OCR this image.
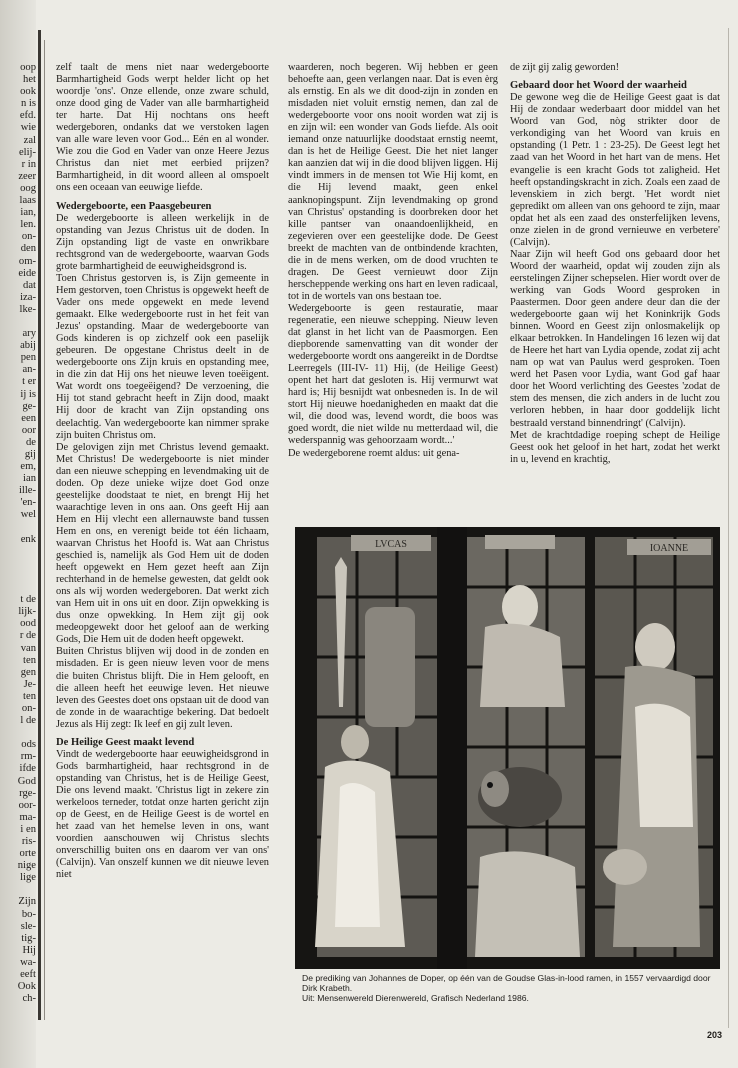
oop
het
ook
n is
efd.
wie
zal
elij-
r in
zeer
oog
laas
ian,
len.
on-
den
om-
eide
dat
iza-
lke-

ary
abij
pen
an-
t er
ij is
ge-
een
oor
de
gij
em,
ian
ille-
'en-
wel

enk

t de
lijk-
ood
r de
van
ten
gen
Je-
ten
on-
l de

ods
rm-
ifde
God
rge-
oor-
ma-
i en
ris-
orte
nige
lige

Zijn
bo-
sle-
tig-
Hij
wa-
eeft
Ook
ch-

zelf taalt de mens niet naar wedergeboorte Barmhartigheid Gods werpt helder licht op het woordje 'ons'. Onze ellende, onze zware schuld, onze dood ging de Vader van alle barmhartigheid ter harte. Dat Hij nochtans ons heeft wedergeboren, ondanks dat we verstoken lagen van alle ware leven voor God... Eén en al wonder. Wie zou die God en Vader van onze Heere Jezus Christus dan niet met eerbied prijzen? Barmhartigheid, in dit woord alleen al omspoelt ons een oceaan van eeuwige liefde.

Wedergeboorte, een Paasgebeuren

De wedergeboorte is alleen werkelijk in de opstanding van Jezus Christus uit de doden. In Zijn opstanding ligt de vaste en onwrikbare rechtsgrond van de wedergeboorte, waarvan Gods grote barmhartigheid de eeuwigheidsgrond is.

Toen Christus gestorven is, is Zijn gemeente in Hem gestorven, toen Christus is opgewekt heeft de Vader ons mede opgewekt en mede levend gemaakt. Elke wedergeboorte rust in het feit van Jezus' opstanding. Maar de wedergeboorte van Gods kinderen is op zichzelf ook een paselijk gebeuren. De opgestane Christus deelt in de wedergeboorte ons Zijn kruis en opstanding mee, in die zin dat Hij ons het nieuwe leven toeëigent. Wat wordt ons toegeëigend? De verzoening, die Hij tot stand gebracht heeft in Zijn dood, maakt Hij door de kracht van Zijn opstanding ons deelachtig. Van wedergeboorte kan nimmer sprake zijn buiten Christus om.

De gelovigen zijn met Christus levend gemaakt. Met Christus! De wedergeboorte is niet minder dan een nieuwe schepping en levendmaking uit de doden. Op deze unieke wijze doet God onze geestelijke doodstaat te niet, en brengt Hij het waarachtige leven in ons aan. Ons geeft Hij aan Hem en Hij vlecht een allernauwste band tussen Hem en ons, en verenigt beide tot één lichaam, waarvan Christus het Hoofd is. Wat aan Christus geschied is, namelijk als God Hem uit de doden heeft opgewekt en Hem gezet heeft aan Zijn rechterhand in de hemelse gewesten, dat geldt ook ons als wij worden wedergeboren. Dat werkt zich van Hem uit in ons uit en door. Zijn opwekking is dus onze opwekking. In Hem zijt gij ook medeopgewekt door het geloof aan de werking Gods, Die Hem uit de doden heeft opgewekt.

Buiten Christus blijven wij dood in de zonden en misdaden. Er is geen nieuw leven voor de mens die buiten Christus blijft. Die in Hem gelooft, en die alleen heeft het eeuwige leven. Het nieuwe leven des Geestes doet ons opstaan uit de dood van de zonde in de waarachtige bekering. Dat bedoelt Jezus als Hij zegt: Ik leef en gij zult leven.

De Heilige Geest maakt levend

Vindt de wedergeboorte haar eeuwigheidsgrond in Gods barmhartigheid, haar rechtsgrond in de opstanding van Christus, het is de Heilige Geest, Die ons levend maakt. 'Christus ligt in zekere zin werkeloos terneder, totdat onze harten gericht zijn op de Geest, en de Heilige Geest is de wortel en het zaad van het hemelse leven in ons, want voordien aanschouwen wij Christus slechts onverschillig buiten ons en daarom ver van ons' (Calvijn). Van onszelf kunnen we dit nieuwe leven niet

waarderen, noch begeren. Wij hebben er geen behoefte aan, geen verlangen naar. Dat is even èrg als ernstig. En als we dit dood-zijn in zonden en misdaden niet voluit ernstig nemen, dan zal de wedergeboorte voor ons nooit worden wat zij is en zijn wil: een wonder van Gods liefde. Als ooit iemand onze natuurlijke doodstaat ernstig neemt, dan is het de Heilige Geest. Die het niet langer kan aanzien dat wij in die dood blijven liggen. Hij vindt immers in de mensen tot Wie Hij komt, en die Hij levend maakt, geen enkel aanknopingspunt. Zijn levendmaking op grond van Christus' opstanding is doorbreken door het kille pantser van onaandoenlijkheid, en zegevieren over een geestelijke dode. De Geest breekt de machten van de ontbindende krachten, die in de mens werken, om de dood vruchten te dragen. De Geest vernieuwt door Zijn herscheppende werking ons hart en leven radicaal, tot in de wortels van ons bestaan toe.

Wedergeboorte is geen restauratie, maar regeneratie, een nieuwe schepping. Nieuw leven dat glanst in het licht van de Paasmorgen. Een diepborende samenvatting van dit wonder der wedergeboorte wordt ons aangereikt in de Dordtse Leerregels (III-IV- 11) Hij, (de Heilige Geest) opent het hart dat gesloten is. Hij vermurwt wat hard is; Hij besnijdt wat onbesneden is. In de wil stort Hij nieuwe hoedanigheden en maakt dat die wil, die dood was, levend wordt, die boos was goed wordt, die niet wilde nu metterdaad wil, die wederspannig was gehoorzaam wordt...'

De wedergeborene roemt aldus: uit gena-

de zijt gij zalig geworden!

Gebaard door het Woord der waarheid

De gewone weg die de Heilige Geest gaat is dat Hij de zondaar wederbaart door middel van het Woord van God, nòg strikter door de verkondiging van het Woord van kruis en opstanding (1 Petr. 1 : 23-25). De Geest legt het zaad van het Woord in het hart van de mens. Het evangelie is een kracht Gods tot zaligheid. Het heeft opstandingskracht in zich. Zoals een zaad de levenskiem in zich bergt. 'Het wordt niet gepredikt om alleen van ons gehoord te zijn, maar opdat het als een zaad des onsterfelijken levens, onze zielen in de grond vernieuwe en verbetere' (Calvijn).

Naar Zijn wil heeft God ons gebaard door het Woord der waarheid, opdat wij zouden zijn als eerstelingen Zijner schepselen. Hier wordt over de werking van Gods Woord gesproken in Paastermen. Door geen andere deur dan die der wedergeboorte gaan wij het Koninkrijk Gods binnen. Woord en Geest zijn onlosmakelijk op elkaar betrokken. In Handelingen 16 lezen wij dat de Heere het hart van Lydia opende, zodat zij acht nam op wat van Paulus werd gesproken. Toen werd het Pasen voor Lydia, want God gaf haar door het Woord verlichting des Geestes 'zodat de stem des mensen, die zich anders in de lucht zou verloren hebben, in haar door goddelijk licht bestraald verstand binnendringt' (Calvijn).

Met de krachtdadige roeping schept de Heilige Geest ook het geloof in het hart, zodat het werkt in u, levend en krachtig,

LVCAS	IOANNE

De prediking van Johannes de Doper, op één van de Goudse Glas-in-lood ramen, in 1557 vervaardigd door Dirk Krabeth.

Uit: Mensenwereld Dierenwereld, Grafisch Nederland 1986.

203
